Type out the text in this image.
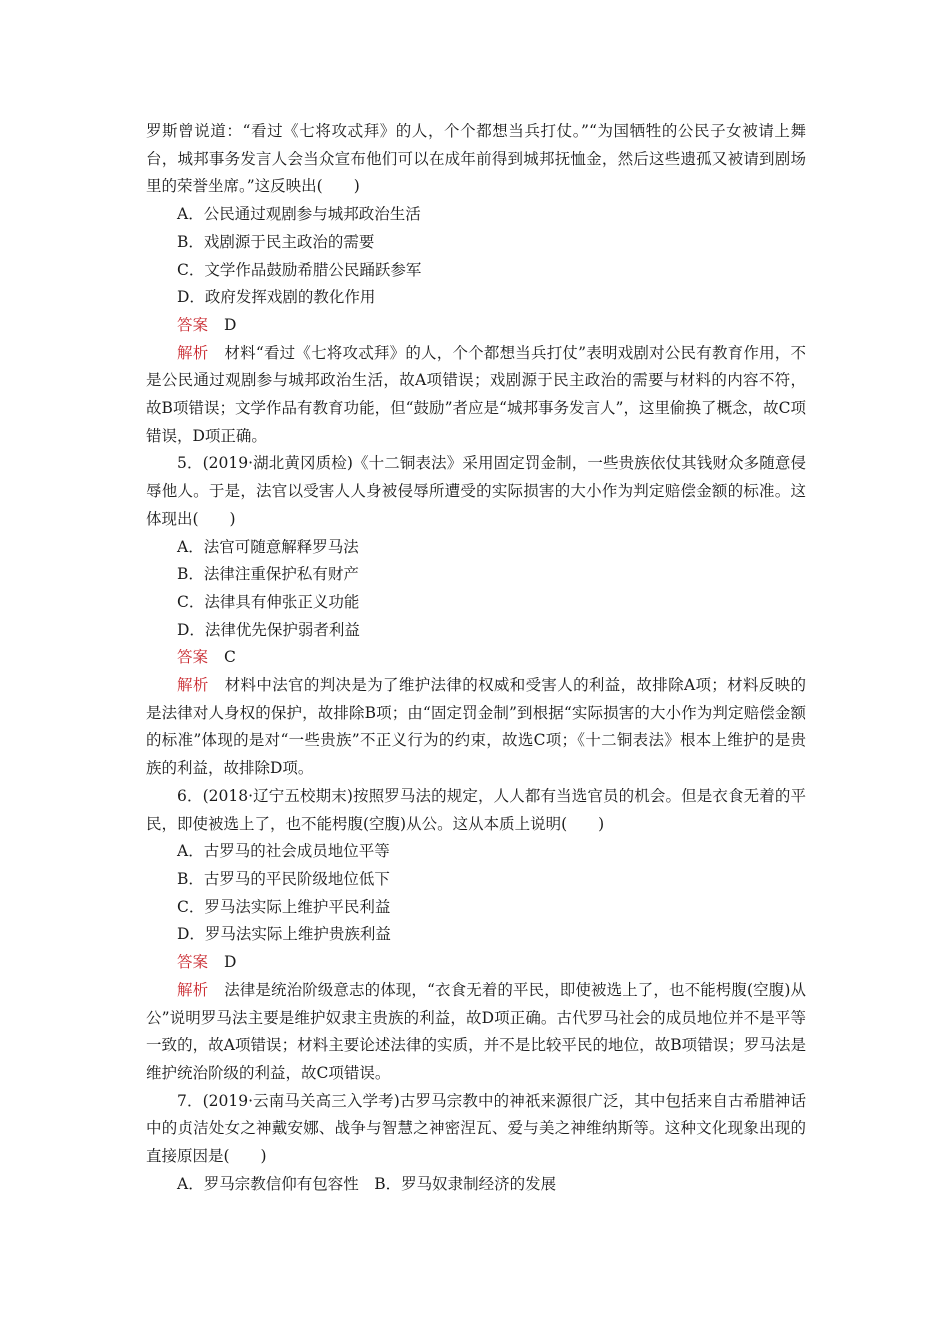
罗斯曾说道：“看过《七将攻忒拜》的人，个个都想当兵打仗。”“为国牺牲的公民子女被请上舞台，城邦事务发言人会当众宣布他们可以在成年前得到城邦抚恤金，然后这些遗孤又被请到剧场里的荣誉坐席。”这反映出(　　)

A．公民通过观剧参与城邦政治生活

B．戏剧源于民主政治的需要

C．文学作品鼓励希腊公民踊跃参军

D．政府发挥戏剧的教化作用

答案 D

解析 材料“看过《七将攻忒拜》的人，个个都想当兵打仗”表明戏剧对公民有教育作用，不是公民通过观剧参与城邦政治生活，故A项错误；戏剧源于民主政治的需要与材料的内容不符，故B项错误；文学作品有教育功能，但“鼓励”者应是“城邦事务发言人”，这里偷换了概念，故C项错误，D项正确。

5．(2019·湖北黄冈质检)《十二铜表法》采用固定罚金制，一些贵族依仗其钱财众多随意侵辱他人。于是，法官以受害人人身被侵辱所遭受的实际损害的大小作为判定赔偿金额的标准。这体现出(　　)

A．法官可随意解释罗马法

B．法律注重保护私有财产

C．法律具有伸张正义功能

D．法律优先保护弱者利益

答案 C

解析 材料中法官的判决是为了维护法律的权威和受害人的利益，故排除A项；材料反映的是法律对人身权的保护，故排除B项；由“固定罚金制”到根据“实际损害的大小作为判定赔偿金额的标准”体现的是对“一些贵族”不正义行为的约束，故选C项；《十二铜表法》根本上维护的是贵族的利益，故排除D项。

6．(2018·辽宁五校期末)按照罗马法的规定，人人都有当选官员的机会。但是衣食无着的平民，即使被选上了，也不能枵腹(空腹)从公。这从本质上说明(　　)

A．古罗马的社会成员地位平等

B．古罗马的平民阶级地位低下

C．罗马法实际上维护平民利益

D．罗马法实际上维护贵族利益

答案 D

解析 法律是统治阶级意志的体现，“衣食无着的平民，即使被选上了，也不能枵腹(空腹)从公”说明罗马法主要是维护奴隶主贵族的利益，故D项正确。古代罗马社会的成员地位并不是平等一致的，故A项错误；材料主要论述法律的实质，并不是比较平民的地位，故B项错误；罗马法是维护统治阶级的利益，故C项错误。

7．(2019·云南马关高三入学考)古罗马宗教中的神祇来源很广泛，其中包括来自古希腊神话中的贞洁处女之神戴安娜、战争与智慧之神密涅瓦、爱与美之神维纳斯等。这种文化现象出现的直接原因是(　　)

A．罗马宗教信仰有包容性　B．罗马奴隶制经济的发展
